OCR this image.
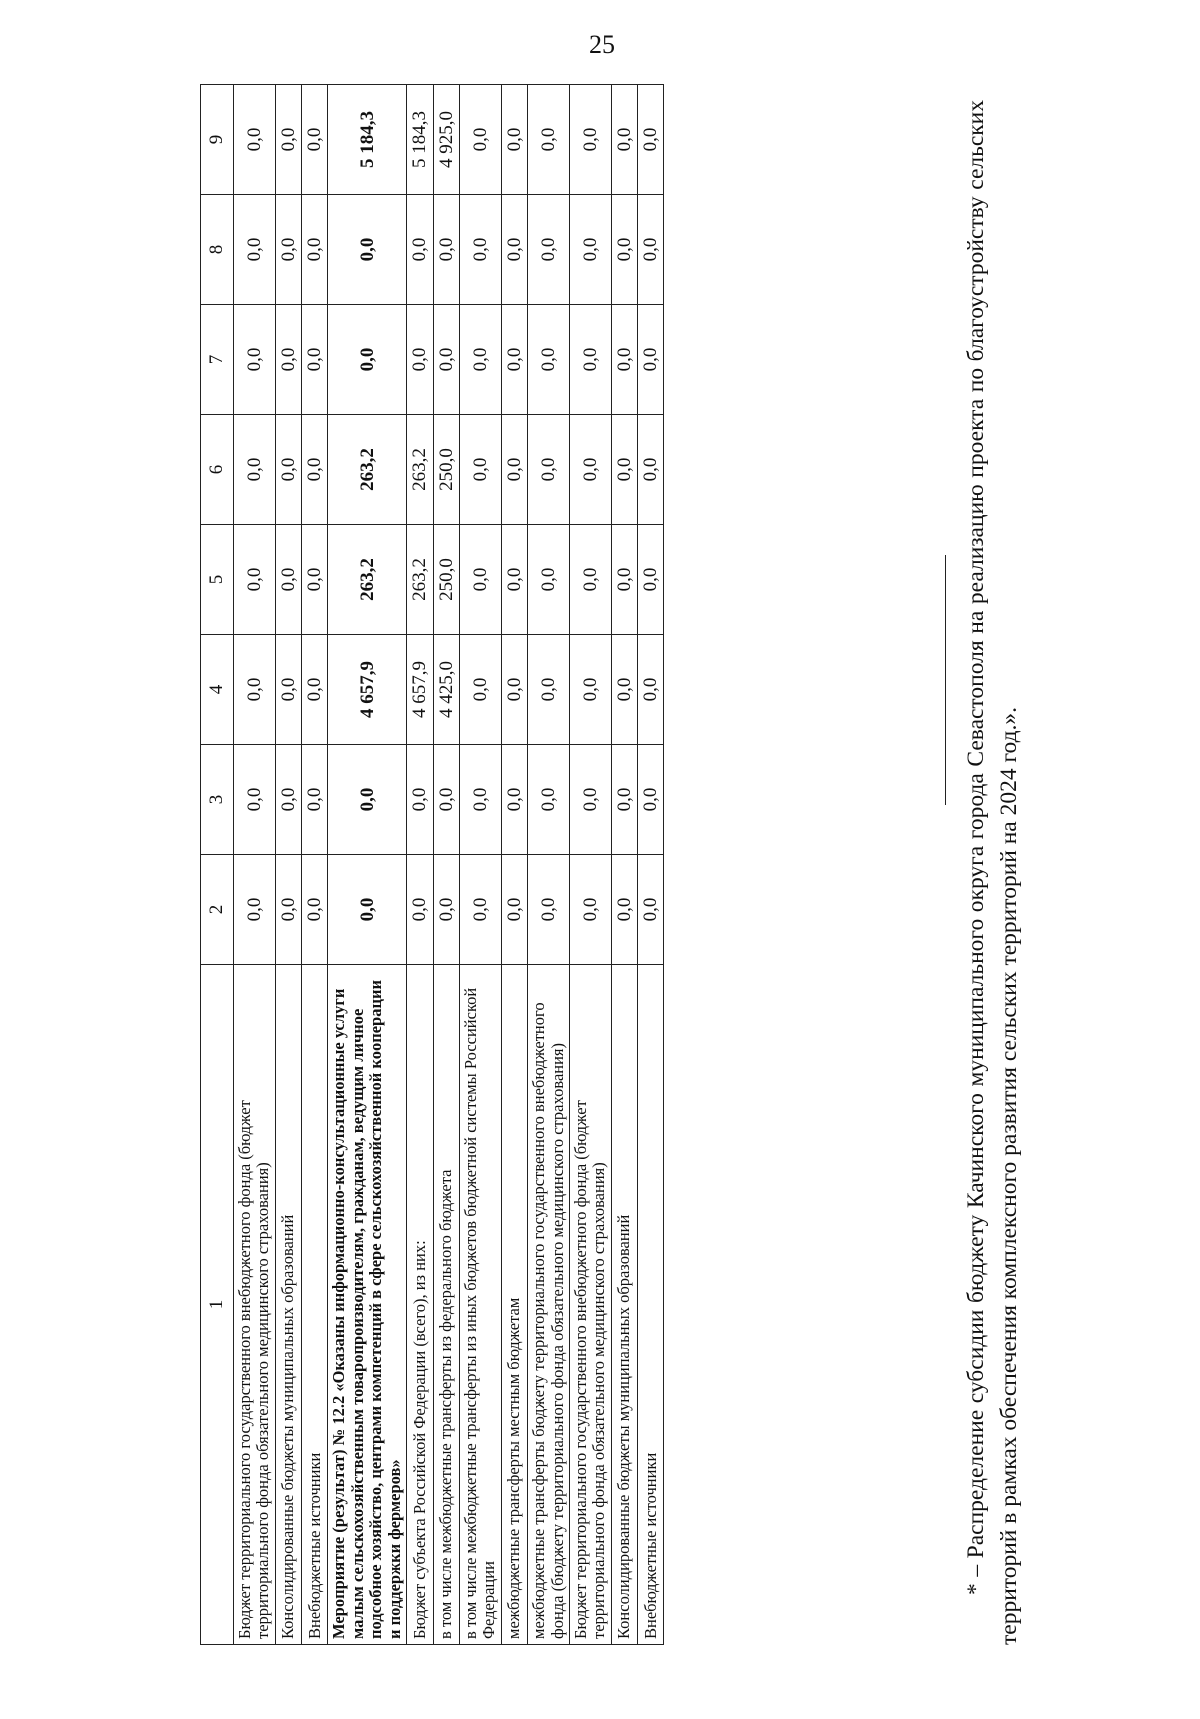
25
1	2	3	4	5	6	7	8	9
Бюджет территориального государственного внебюджетного фонда (бюджет территориального фонда обязательного медицинского страхования)	0,0	0,0	0,0	0,0	0,0	0,0	0,0	0,0
Консолидированные бюджеты муниципальных образований	0,0	0,0	0,0	0,0	0,0	0,0	0,0	0,0
Внебюджетные источники	0,0	0,0	0,0	0,0	0,0	0,0	0,0	0,0
Мероприятие (результат) № 12.2 «Оказаны информационно-консультационные услуги малым сельскохозяйственным товаропроизводителям, гражданам, ведущим личное подсобное хозяйство, центрами компетенций в сфере сельскохозяйственной кооперации и поддержки фермеров»	0,0	0,0	4 657,9	263,2	263,2	0,0	0,0	5 184,3
Бюджет субъекта Российской Федерации (всего), из них:	0,0	0,0	4 657,9	263,2	263,2	0,0	0,0	5 184,3
в том числе межбюджетные трансферты из федерального бюджета	0,0	0,0	4 425,0	250,0	250,0	0,0	0,0	4 925,0
в том числе межбюджетные трансферты из иных бюджетов бюджетной системы Российской Федерации	0,0	0,0	0,0	0,0	0,0	0,0	0,0	0,0
межбюджетные трансферты местным бюджетам	0,0	0,0	0,0	0,0	0,0	0,0	0,0	0,0
межбюджетные трансферты бюджету территориального государственного внебюджетного фонда (бюджету территориального фонда обязательного медицинского страхования)	0,0	0,0	0,0	0,0	0,0	0,0	0,0	0,0
Бюджет территориального государственного внебюджетного фонда (бюджет территориального фонда обязательного медицинского страхования)	0,0	0,0	0,0	0,0	0,0	0,0	0,0	0,0
Консолидированные бюджеты муниципальных образований	0,0	0,0	0,0	0,0	0,0	0,0	0,0	0,0
Внебюджетные источники	0,0	0,0	0,0	0,0	0,0	0,0	0,0	0,0	* – Распределение субсидии бюджету Качинского муниципального округа города Севастополя на реализацию проекта по благоустройству сельских территорий в рамках обеспечения комплексного развития сельских территорий на 2024 год.».
